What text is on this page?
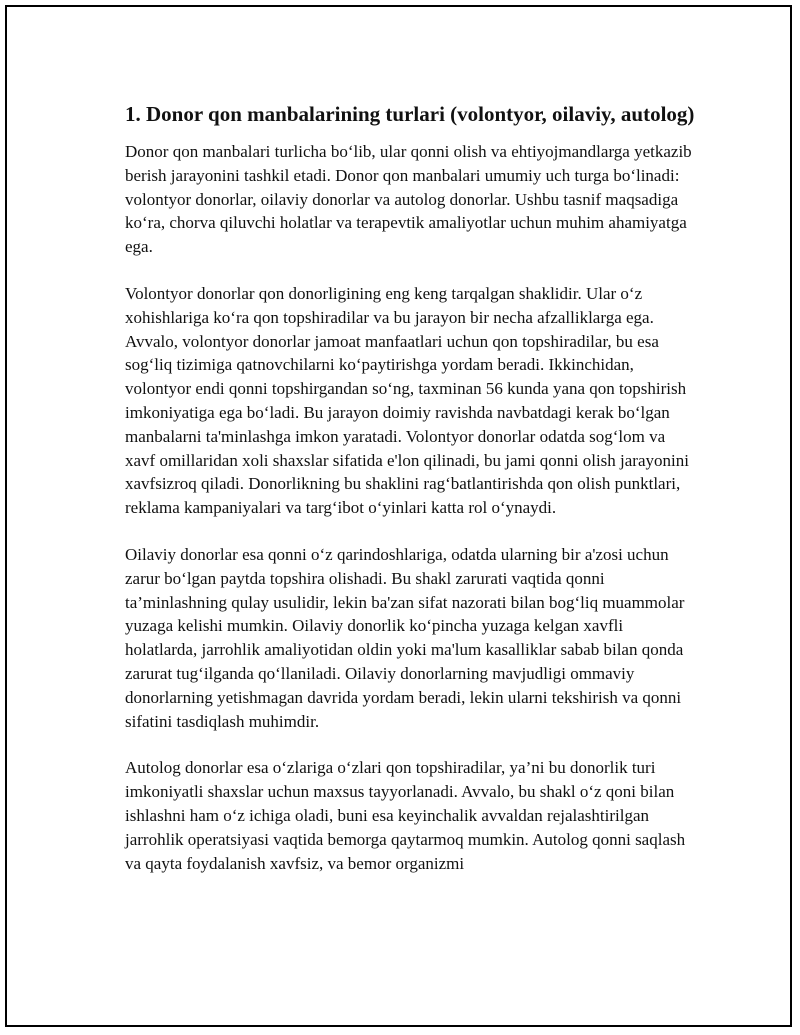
1. Donor qon manbalarining turlari (volontyor, oilaviy, autolog)

Donor qon manbalari turlicha bo‘lib, ular qonni olish va ehtiyojmandlarga yetkazib berish jarayonini tashkil etadi. Donor qon manbalari umumiy uch turga bo‘linadi: volontyor donorlar, oilaviy donorlar va autolog donorlar. Ushbu tasnif maqsadiga ko‘ra, chorva qiluvchi holatlar va terapevtik amaliyotlar uchun muhim ahamiyatga ega.

Volontyor donorlar qon donorligining eng keng tarqalgan shaklidir. Ular o‘z xohishlariga ko‘ra qon topshiradilar va bu jarayon bir necha afzalliklarga ega. Avvalo, volontyor donorlar jamoat manfaatlari uchun qon topshiradilar, bu esa sog‘liq tizimiga qatnovchilarni ko‘paytirishga yordam beradi. Ikkinchidan, volontyor endi qonni topshirgandan so‘ng, taxminan 56 kunda yana qon topshirish imkoniyatiga ega bo‘ladi. Bu jarayon doimiy ravishda navbatdagi kerak bo‘lgan manbalarni ta'minlashga imkon yaratadi. Volontyor donorlar odatda sog‘lom va xavf omillaridan xoli shaxslar sifatida e'lon qilinadi, bu jami qonni olish jarayonini xavfsizroq qiladi. Donorlikning bu shaklini rag‘batlantirishda qon olish punktlari, reklama kampaniyalari va targ‘ibot o‘yinlari katta rol o‘ynaydi.

Oilaviy donorlar esa qonni o‘z qarindoshlariga, odatda ularning bir a'zosi uchun zarur bo‘lgan paytda topshira olishadi. Bu shakl zarurati vaqtida qonni ta’minlashning qulay usulidir, lekin ba'zan sifat nazorati bilan bog‘liq muammolar yuzaga kelishi mumkin. Oilaviy donorlik ko‘pincha yuzaga kelgan xavfli holatlarda, jarrohlik amaliyotidan oldin yoki ma'lum kasalliklar sabab bilan qonda zarurat tug‘ilganda qo‘llaniladi. Oilaviy donorlarning mavjudligi ommaviy donorlarning yetishmagan davrida yordam beradi, lekin ularni tekshirish va qonni sifatini tasdiqlash muhimdir.

Autolog donorlar esa o‘zlariga o‘zlari qon topshiradilar, ya’ni bu donorlik turi imkoniyatli shaxslar uchun maxsus tayyorlanadi. Avvalo, bu shakl o‘z qoni bilan ishlashni ham o‘z ichiga oladi, buni esa keyinchalik avvaldan rejalashtirilgan jarrohlik operatsiyasi vaqtida bemorga qaytarmoq mumkin. Autolog qonni saqlash va qayta foydalanish xavfsiz, va bemor organizmi
